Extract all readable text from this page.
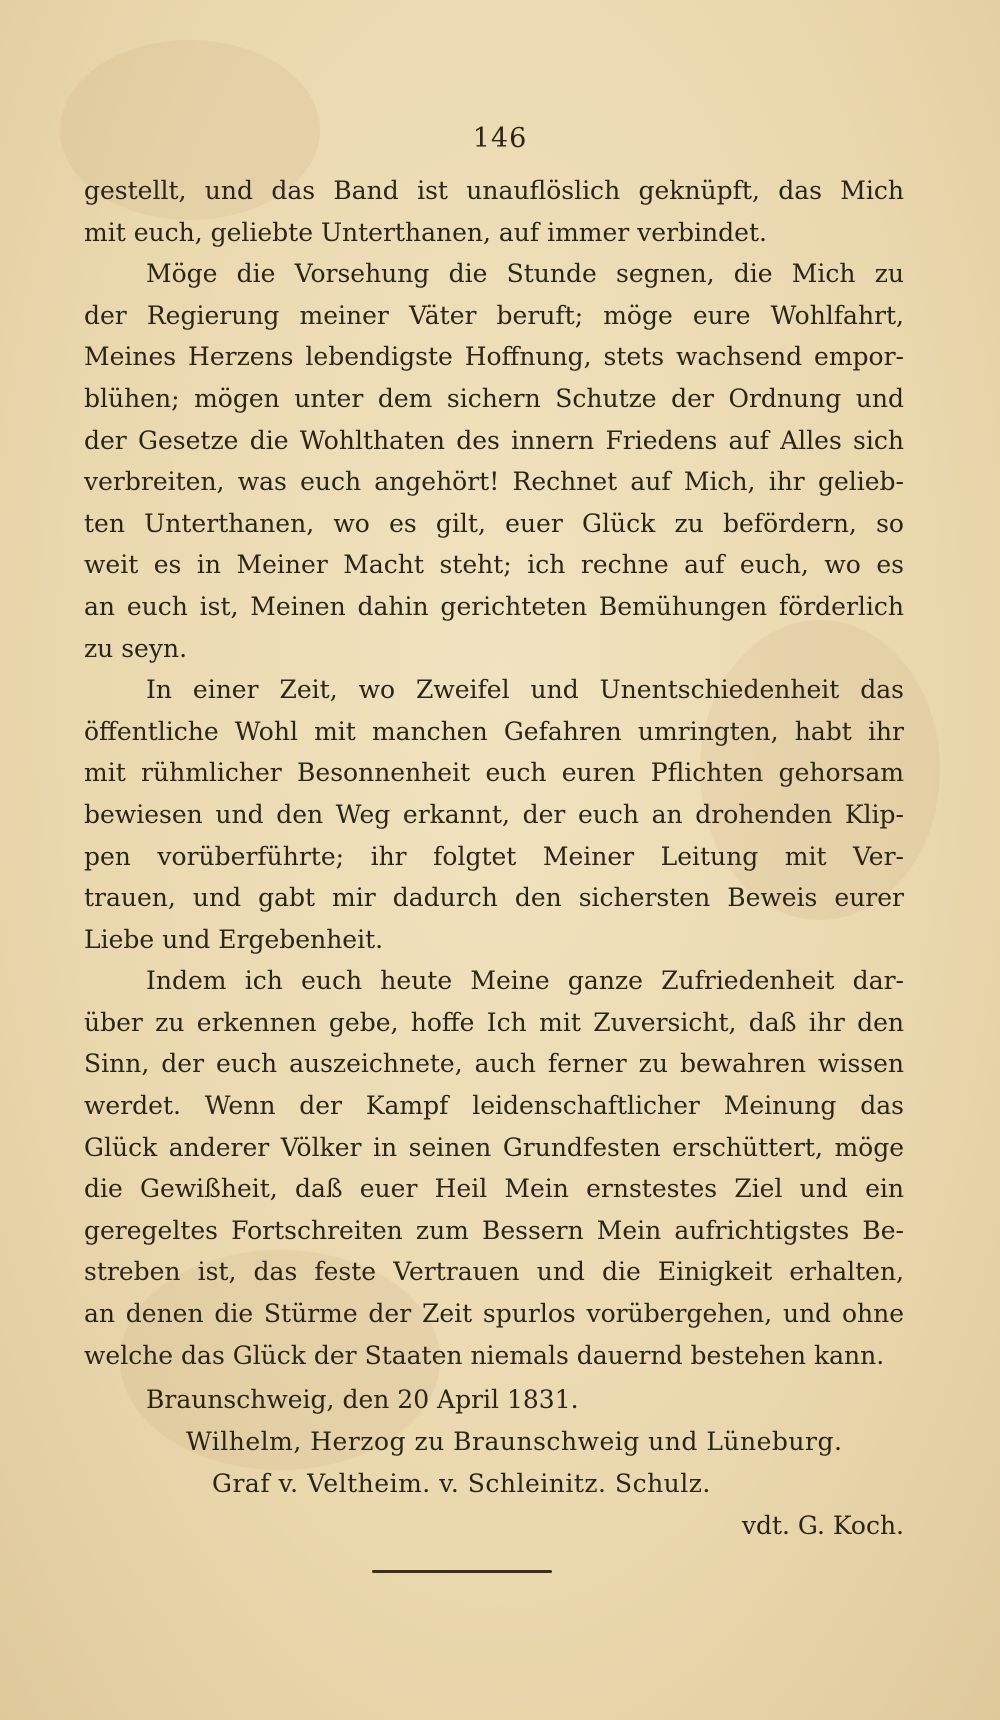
146
gestellt, und das Band ist unauflöslich geknüpft, das Mich
mit euch, geliebte Unterthanen, auf immer verbindet.
Möge die Vorsehung die Stunde segnen, die Mich zu
der Regierung meiner Väter beruft; möge eure Wohlfahrt,
Meines Herzens lebendigste Hoffnung, stets wachsend empor-
blühen; mögen unter dem sichern Schutze der Ordnung und
der Gesetze die Wohlthaten des innern Friedens auf Alles sich
verbreiten, was euch angehört! Rechnet auf Mich, ihr gelieb-
ten Unterthanen, wo es gilt, euer Glück zu befördern, so
weit es in Meiner Macht steht; ich rechne auf euch, wo es
an euch ist, Meinen dahin gerichteten Bemühungen förderlich
zu seyn.
In einer Zeit, wo Zweifel und Unentschiedenheit das
öffentliche Wohl mit manchen Gefahren umringten, habt ihr
mit rühmlicher Besonnenheit euch euren Pflichten gehorsam
bewiesen und den Weg erkannt, der euch an drohenden Klip-
pen vorüberführte; ihr folgtet Meiner Leitung mit Ver-
trauen, und gabt mir dadurch den sichersten Beweis eurer
Liebe und Ergebenheit.
Indem ich euch heute Meine ganze Zufriedenheit dar-
über zu erkennen gebe, hoffe Ich mit Zuversicht, daß ihr den
Sinn, der euch auszeichnete, auch ferner zu bewahren wissen
werdet. Wenn der Kampf leidenschaftlicher Meinung das
Glück anderer Völker in seinen Grundfesten erschüttert, möge
die Gewißheit, daß euer Heil Mein ernstestes Ziel und ein
geregeltes Fortschreiten zum Bessern Mein aufrichtigstes Be-
streben ist, das feste Vertrauen und die Einigkeit erhalten,
an denen die Stürme der Zeit spurlos vorübergehen, und ohne
welche das Glück der Staaten niemals dauernd bestehen kann.
Braunschweig, den 20 April 1831.
Wilhelm, Herzog zu Braunschweig und Lüneburg.
Graf v. Veltheim. v. Schleinitz. Schulz.
vdt. G. Koch.
